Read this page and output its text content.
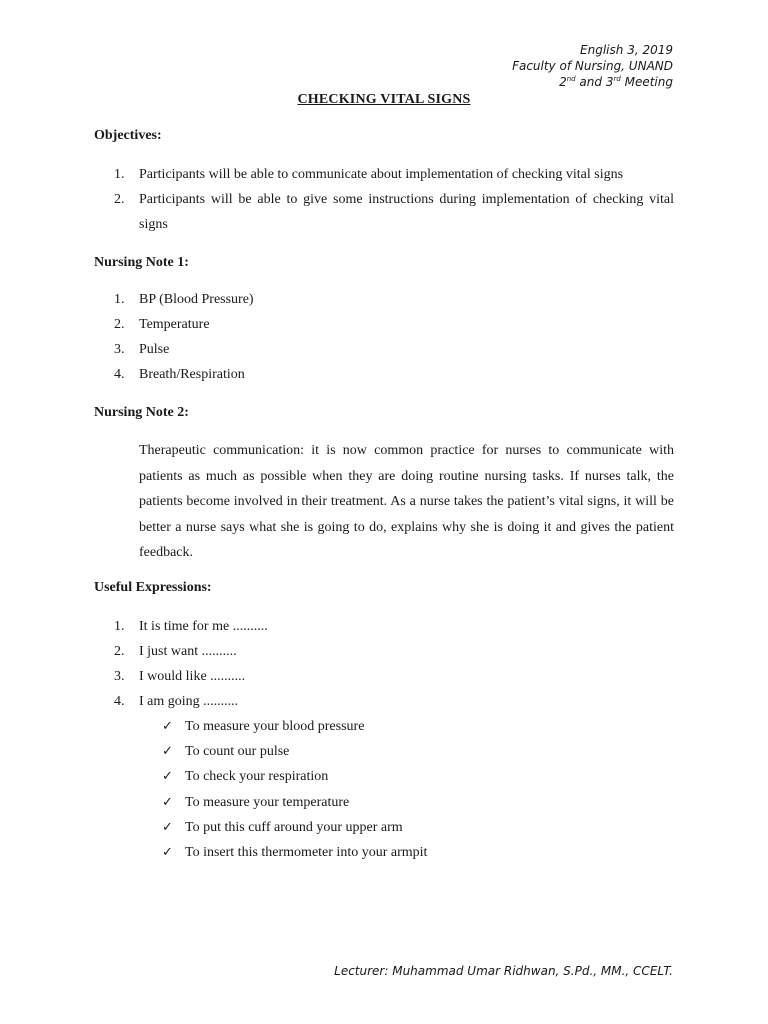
English 3, 2019
Faculty of Nursing, UNAND
2nd and 3rd Meeting
CHECKING VITAL SIGNS
Objectives:
1. Participants will be able to communicate about implementation of checking vital signs
2. Participants will be able to give some instructions during implementation of checking vital signs
Nursing Note 1:
1. BP (Blood Pressure)
2. Temperature
3. Pulse
4. Breath/Respiration
Nursing Note 2:

Therapeutic communication: it is now common practice for nurses to communicate with patients as much as possible when they are doing routine nursing tasks. If nurses talk, the patients become involved in their treatment. As a nurse takes the patient’s vital signs, it will be better a nurse says what she is going to do, explains why she is doing it and gives the patient feedback.

Useful Expressions:
1. It is time for me ..........
2. I just want ..........
3. I would like ..........
4. I am going ..........
✓ To measure your blood pressure
✓ To count our pulse
✓ To check your respiration
✓ To measure your temperature
✓ To put this cuff around your upper arm
✓ To insert this thermometer into your armpit
Lecturer: Muhammad Umar Ridhwan, S.Pd., MM., CCELT.
